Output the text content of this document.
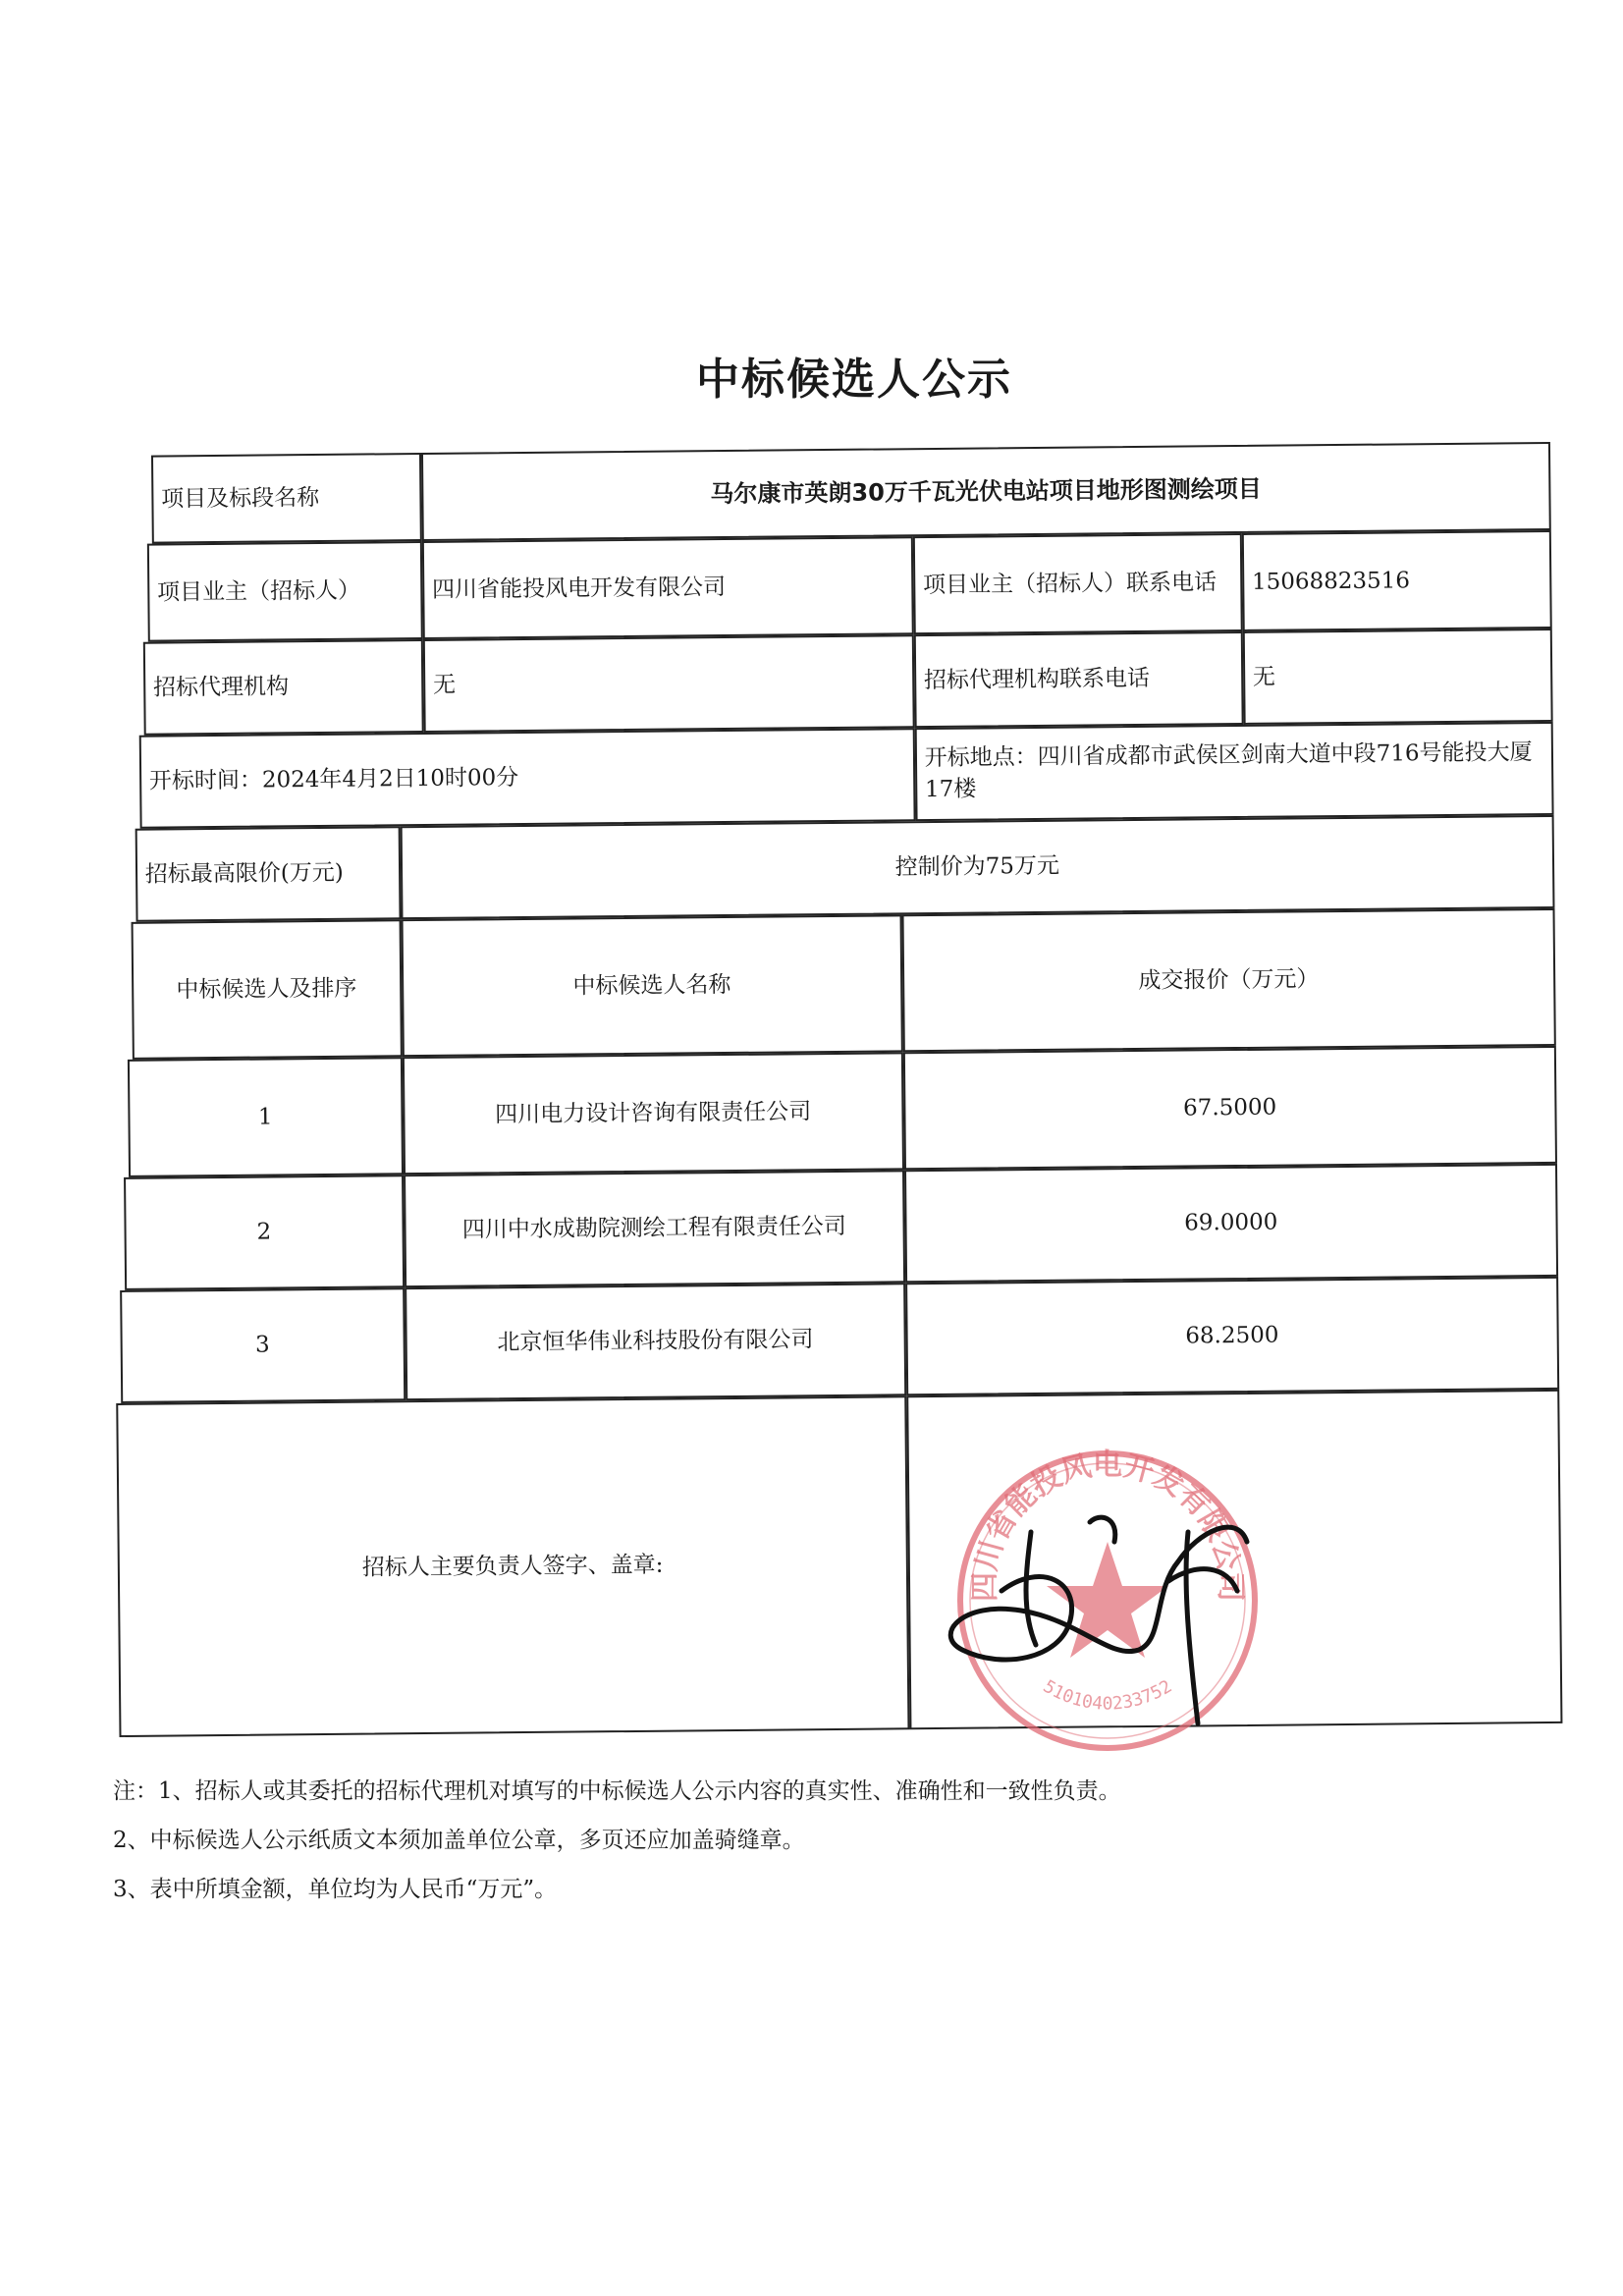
中标候选人公示
项目及标段名称	马尔康市英朗30万千瓦光伏电站项目地形图测绘项目
项目业主（招标人）	四川省能投风电开发有限公司	项目业主（招标人）联系电话	15068823516
招标代理机构	无	招标代理机构联系电话	无
开标时间：2024年4月2日10时00分
开标地点：四川省成都市武侯区剑南大道中段716号能投大厦17楼
招标最高限价(万元)	控制价为75万元
中标候选人及排序	中标候选人名称	成交报价（万元）
1	四川电力设计咨询有限责任公司	67.5000
2	四川中水成勘院测绘工程有限责任公司	69.0000
3	北京恒华伟业科技股份有限公司	68.2500
招标人主要负责人签字、盖章:
四川省能投风电开发有限公司
5101040233752
注：1、招标人或其委托的招标代理机对填写的中标候选人公示内容的真实性、准确性和一致性负责。
2、中标候选人公示纸质文本须加盖单位公章，多页还应加盖骑缝章。
3、表中所填金额，单位均为人民币“万元”。
